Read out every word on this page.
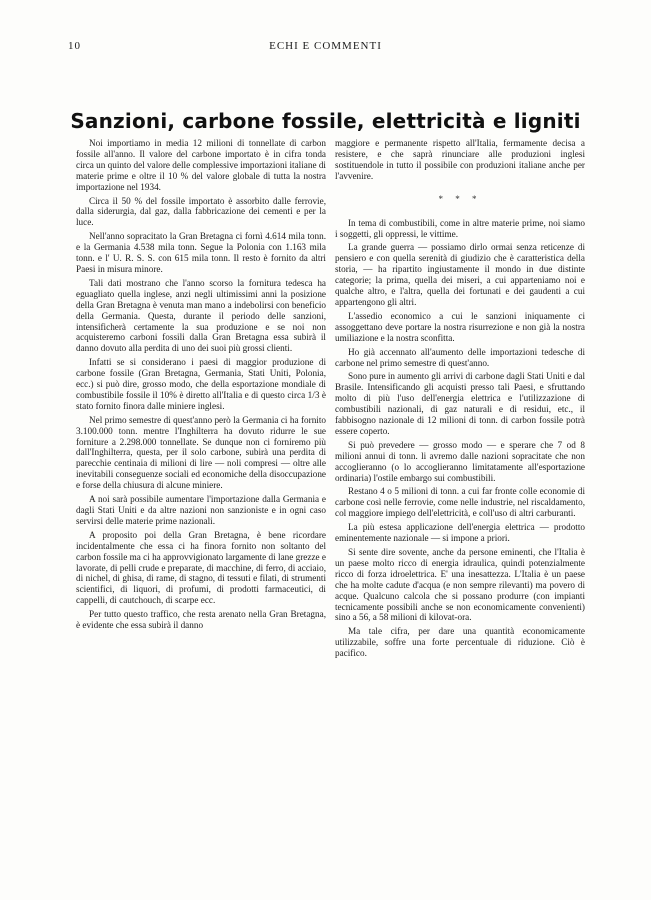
10	ECHI E COMMENTI
Sanzioni, carbone fossile, elettricità e ligniti

Noi importiamo in media 12 milioni di tonnellate di carbon fossile all'anno. Il valore del carbone importato è in cifra tonda circa un quinto del valore delle complessive importazioni italiane di materie prime e oltre il 10 % del valore globale di tutta la nostra importazione nel 1934.

Circa il 50 % del fossile importato è assorbito dalle ferrovie, dalla siderurgia, dal gaz, dalla fabbricazione dei cementi e per la luce.

Nell'anno sopracitato la Gran Bretagna ci fornì 4.614 mila tonn. e la Germania 4.538 mila tonn. Segue la Polonia con 1.163 mila tonn. e l' U. R. S. S. con 615 mila tonn. Il resto è fornito da altri Paesi in misura minore.

Tali dati mostrano che l'anno scorso la fornitura tedesca ha eguagliato quella inglese, anzi negli ultimissimi anni la posizione della Gran Bretagna è venuta man mano a indebolirsi con beneficio della Germania. Questa, durante il periodo delle sanzioni, intensificherà certamente la sua produzione e se noi non acquisteremo carboni fossili dalla Gran Bretagna essa subirà il danno dovuto alla perdita di uno dei suoi più grossi clienti.

Infatti se si considerano i paesi di maggior produzione di carbone fossile (Gran Bretagna, Germania, Stati Uniti, Polonia, ecc.) si può dire, grosso modo, che della esportazione mondiale di combustibile fossile il 10% è diretto all'Italia e di questo circa 1/3 è stato fornito finora dalle miniere inglesi.

Nel primo semestre di quest'anno però la Germania ci ha fornito 3.100.000 tonn. mentre l'Inghilterra ha dovuto ridurre le sue forniture a 2.298.000 tonnellate. Se dunque non ci forniremo più dall'Inghilterra, questa, per il solo carbone, subirà una perdita di parecchie centinaia di milioni di lire — noli compresi — oltre alle inevitabili conseguenze sociali ed economiche della disoccupazione e forse della chiusura di alcune miniere.

A noi sarà possibile aumentare l'importazione dalla Germania e dagli Stati Uniti e da altre nazioni non sanzioniste e in ogni caso servirsi delle materie prime nazionali.

A proposito poi della Gran Bretagna, è bene ricordare incidentalmente che essa ci ha finora fornito non soltanto del carbon fossile ma ci ha approvvigionato largamente di lane grezze e lavorate, di pelli crude e preparate, di macchine, di ferro, di acciaio, di nichel, di ghisa, di rame, di stagno, di tessuti e filati, di strumenti scientifici, di liquori, di profumi, di prodotti farmaceutici, di cappelli, di cautchouch, di scarpe ecc.

Per tutto questo traffico, che resta arenato nella Gran Bretagna, è evidente che essa subirà il danno

maggiore e permanente rispetto all'Italia, fermamente decisa a resistere, e che saprà rinunciare alle produzioni inglesi sostituendole in tutto il possibile con produzioni italiane anche per l'avvenire.

* * *

In tema di combustibili, come in altre materie prime, noi siamo i soggetti, gli oppressi, le vittime.

La grande guerra — possiamo dirlo ormai senza reticenze di pensiero e con quella serenità di giudizio che è caratteristica della storia, — ha ripartito ingiustamente il mondo in due distinte categorie; la prima, quella dei miseri, a cui apparteniamo noi e qualche altro, e l'altra, quella dei fortunati e dei gaudenti a cui appartengono gli altri.

L'assedio economico a cui le sanzioni iniquamente ci assoggettano deve portare la nostra risurrezione e non già la nostra umiliazione e la nostra sconfitta.

Ho già accennato all'aumento delle importazioni tedesche di carbone nel primo semestre di quest'anno.

Sono pure in aumento gli arrivi di carbone dagli Stati Uniti e dal Brasile. Intensificando gli acquisti presso tali Paesi, e sfruttando molto di più l'uso dell'energia elettrica e l'utilizzazione di combustibili nazionali, di gaz naturali e di residui, etc., il fabbisogno nazionale di 12 milioni di tonn. di carbon fossile potrà essere coperto.

Si può prevedere — grosso modo — e sperare che 7 od 8 milioni annui di tonn. li avremo dalle nazioni sopracitate che non accoglieranno (o lo accoglieranno limitatamente all'esportazione ordinaria) l'ostile embargo sui combustibili.

Restano 4 o 5 milioni di tonn. a cui far fronte colle economie di carbone così nelle ferrovie, come nelle industrie, nel riscaldamento, col maggiore impiego dell'elettricità, e coll'uso di altri carburanti.

La più estesa applicazione dell'energia elettrica — prodotto eminentemente nazionale — si impone a priori.

Si sente dire sovente, anche da persone eminenti, che l'Italia è un paese molto ricco di energia idraulica, quindi potenzialmente ricco di forza idroelettrica. E' una inesattezza. L'Italia è un paese che ha molte cadute d'acqua (e non sempre rilevanti) ma povero di acque. Qualcuno calcola che si possano produrre (con impianti tecnicamente possibili anche se non economicamente convenienti) sino a 56, a 58 milioni di kilovat-ora.

Ma tale cifra, per dare una quantità economicamente utilizzabile, soffre una forte percentuale di riduzione. Ciò è pacifico.
